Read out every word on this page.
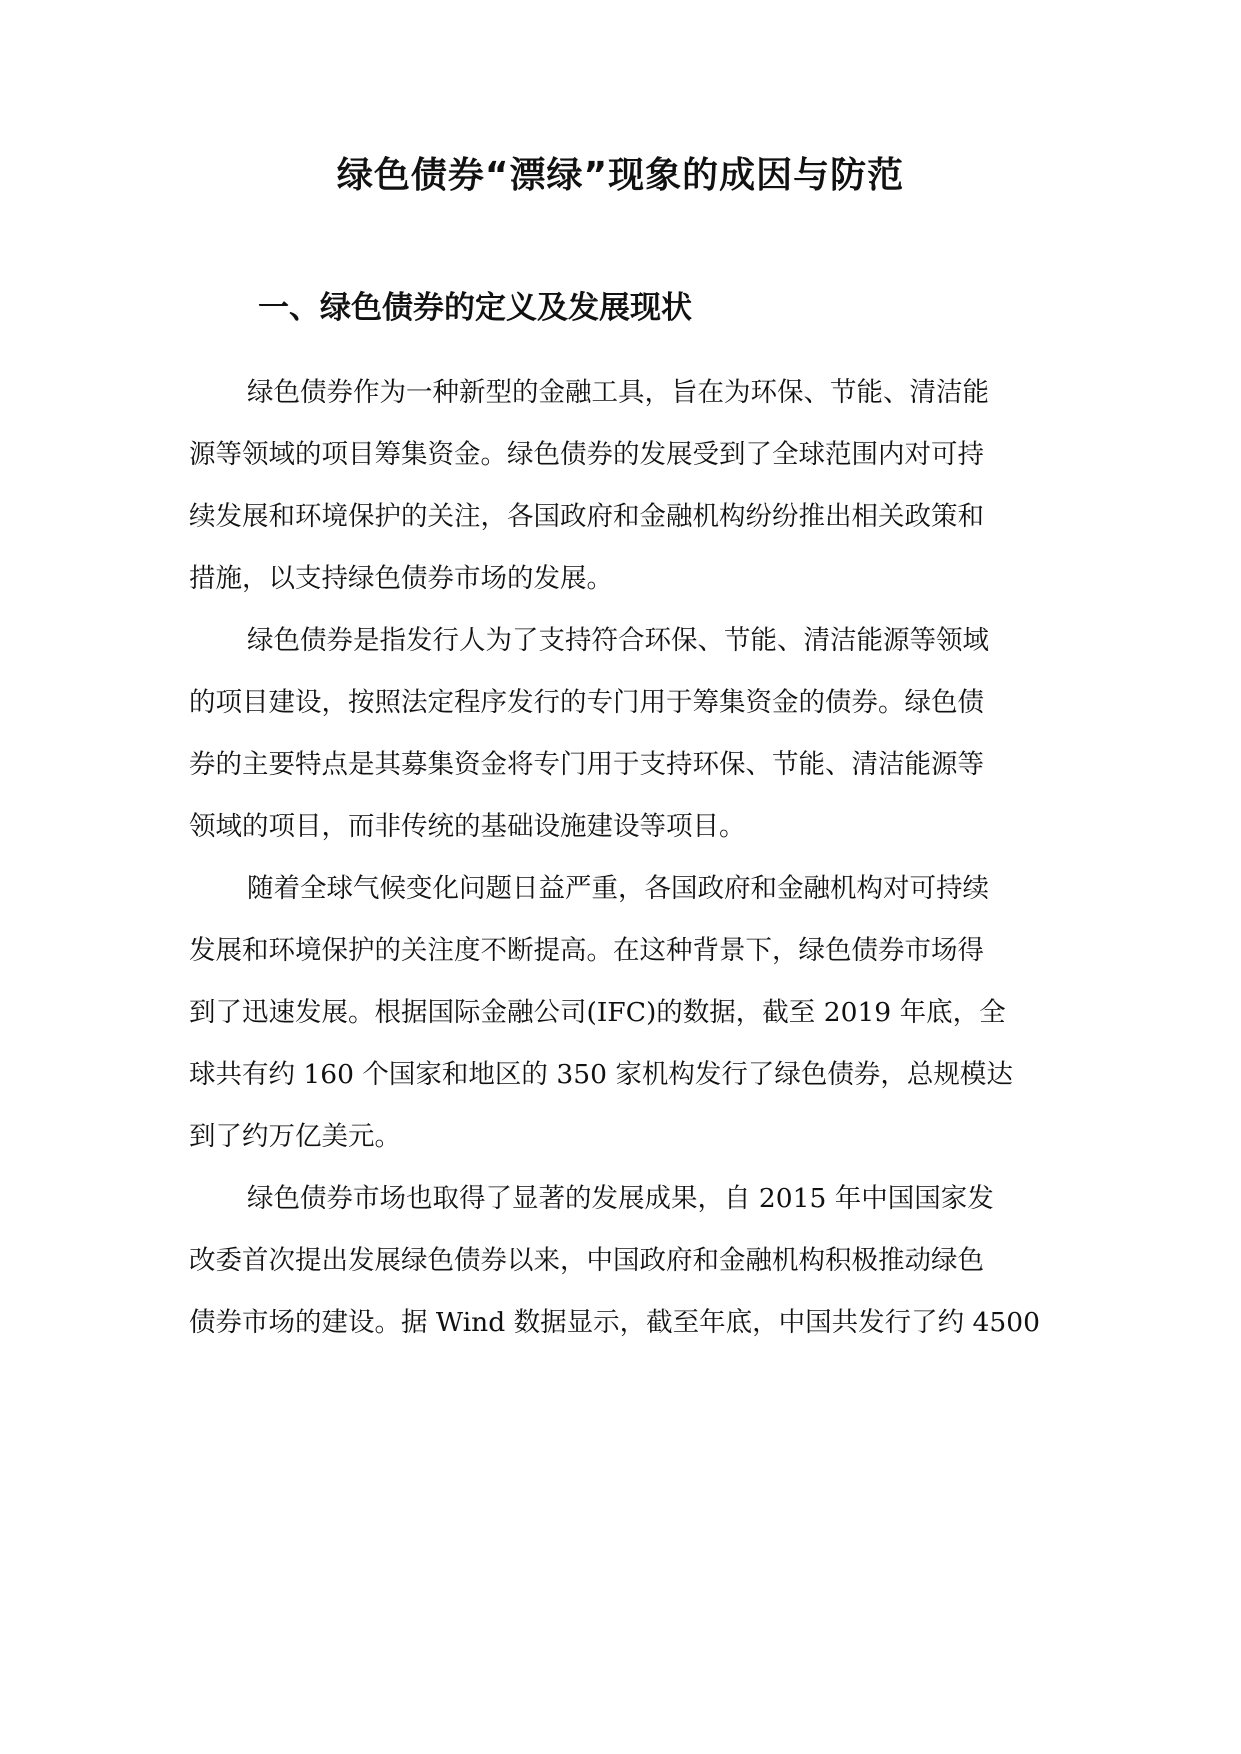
绿色债券“漂绿”现象的成因与防范
一、绿色债券的定义及发展现状
绿色债券作为一种新型的金融工具，旨在为环保、节能、清洁能
源等领域的项目筹集资金。绿色债券的发展受到了全球范围内对可持
续发展和环境保护的关注，各国政府和金融机构纷纷推出相关政策和
措施，以支持绿色债券市场的发展。
绿色债券是指发行人为了支持符合环保、节能、清洁能源等领域
的项目建设，按照法定程序发行的专门用于筹集资金的债券。绿色债
券的主要特点是其募集资金将专门用于支持环保、节能、清洁能源等
领域的项目，而非传统的基础设施建设等项目。
随着全球气候变化问题日益严重，各国政府和金融机构对可持续
发展和环境保护的关注度不断提高。在这种背景下，绿色债券市场得
到了迅速发展。根据国际金融公司(IFC)的数据，截至 2019 年底，全
球共有约 160 个国家和地区的 350 家机构发行了绿色债券，总规模达
到了约万亿美元。
绿色债券市场也取得了显著的发展成果，自 2015 年中国国家发
改委首次提出发展绿色债券以来，中国政府和金融机构积极推动绿色
债券市场的建设。据 Wind 数据显示，截至年底，中国共发行了约 4500
